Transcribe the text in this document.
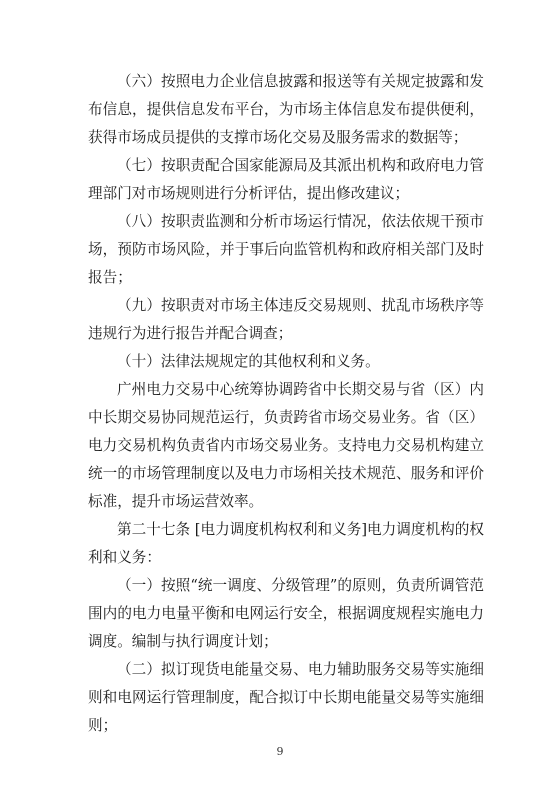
（六）按照电力企业信息披露和报送等有关规定披露和发布信息，提供信息发布平台，为市场主体信息发布提供便利，获得市场成员提供的支撑市场化交易及服务需求的数据等；

（七）按职责配合国家能源局及其派出机构和政府电力管理部门对市场规则进行分析评估，提出修改建议；

（八）按职责监测和分析市场运行情况，依法依规干预市场，预防市场风险，并于事后向监管机构和政府相关部门及时报告；

（九）按职责对市场主体违反交易规则、扰乱市场秩序等违规行为进行报告并配合调查；

（十）法律法规规定的其他权利和义务。

广州电力交易中心统筹协调跨省中长期交易与省（区）内中长期交易协同规范运行，负责跨省市场交易业务。省（区）电力交易机构负责省内市场交易业务。支持电力交易机构建立统一的市场管理制度以及电力市场相关技术规范、服务和评价标准，提升市场运营效率。

第二十七条 [电力调度机构权利和义务]电力调度机构的权利和义务：

（一）按照“统一调度、分级管理”的原则，负责所调管范围内的电力电量平衡和电网运行安全，根据调度规程实施电力调度。编制与执行调度计划；

（二）拟订现货电能量交易、电力辅助服务交易等实施细则和电网运行管理制度，配合拟订中长期电能量交易等实施细则；

9
